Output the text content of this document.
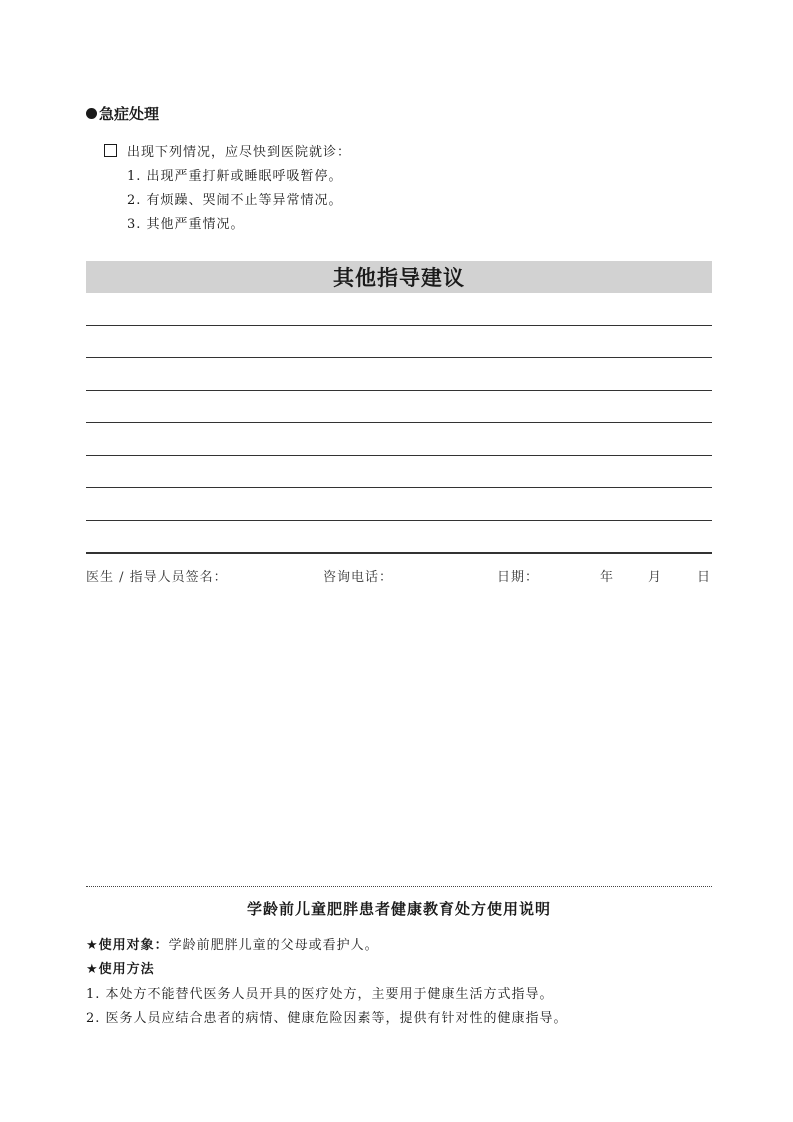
急症处理
出现下列情况，应尽快到医院就诊：
1. 出现严重打鼾或睡眠呼吸暂停。
2. 有烦躁、哭闹不止等异常情况。
3. 其他严重情况。
其他指导建议
医生 / 指导人员签名：	咨询电话：	日期：	年	月	日
学龄前儿童肥胖患者健康教育处方使用说明
★使用对象：学龄前肥胖儿童的父母或看护人。
★使用方法
1. 本处方不能替代医务人员开具的医疗处方，主要用于健康生活方式指导。
2. 医务人员应结合患者的病情、健康危险因素等，提供有针对性的健康指导。
